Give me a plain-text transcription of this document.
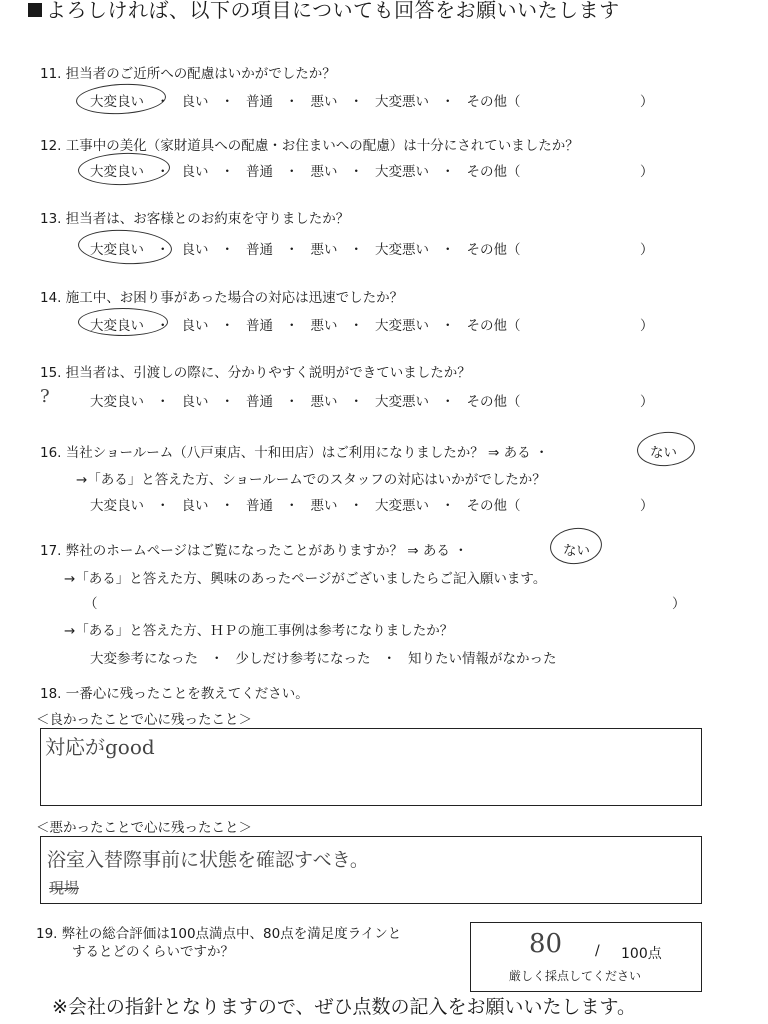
よろしければ、以下の項目についても回答をお願いいたします
11. 担当者のご近所への配慮はいかがでしたか？
大変良い ・ 良い ・ 普通 ・ 悪い ・ 大変悪い ・ その他（	）
12. 工事中の美化（家財道具への配慮・お住まいへの配慮）は十分にされていましたか？
大変良い ・ 良い ・ 普通 ・ 悪い ・ 大変悪い ・ その他（	）
13. 担当者は、お客様とのお約束を守りましたか？
大変良い ・ 良い ・ 普通 ・ 悪い ・ 大変悪い ・ その他（	）
14. 施工中、お困り事があった場合の対応は迅速でしたか？
大変良い ・ 良い ・ 普通 ・ 悪い ・ 大変悪い ・ その他（	）
15. 担当者は、引渡しの際に、分かりやすく説明ができていましたか？
?	大変良い ・ 良い ・ 普通 ・ 悪い ・ 大変悪い ・ その他（	）
16. 当社ショールーム（八戸東店、十和田店）はご利用になりましたか？ ⇒ ある ・	ない
→「ある」と答えた方、ショールームでのスタッフの対応はいかがでしたか？
大変良い ・ 良い ・ 普通 ・ 悪い ・ 大変悪い ・ その他（	）
17. 弊社のホームページはご覧になったことがありますか？ ⇒ ある ・	ない
→「ある」と答えた方、興味のあったページがございましたらご記入願います。
（	）
→「ある」と答えた方、ＨＰの施工事例は参考になりましたか？
大変参考になった ・ 少しだけ参考になった ・ 知りたい情報がなかった
18. 一番心に残ったことを教えてください。
＜良かったことで心に残ったこと＞
対応がgood
＜悪かったことで心に残ったこと＞
浴室入替際事前に状態を確認すべき。
現場
19. 弊社の総合評価は100点満点中、80点を満足度ラインと
するとどのくらいですか？	80 / 100点
厳しく採点してください
※会社の指針となりますので、ぜひ点数の記入をお願いいたします。
